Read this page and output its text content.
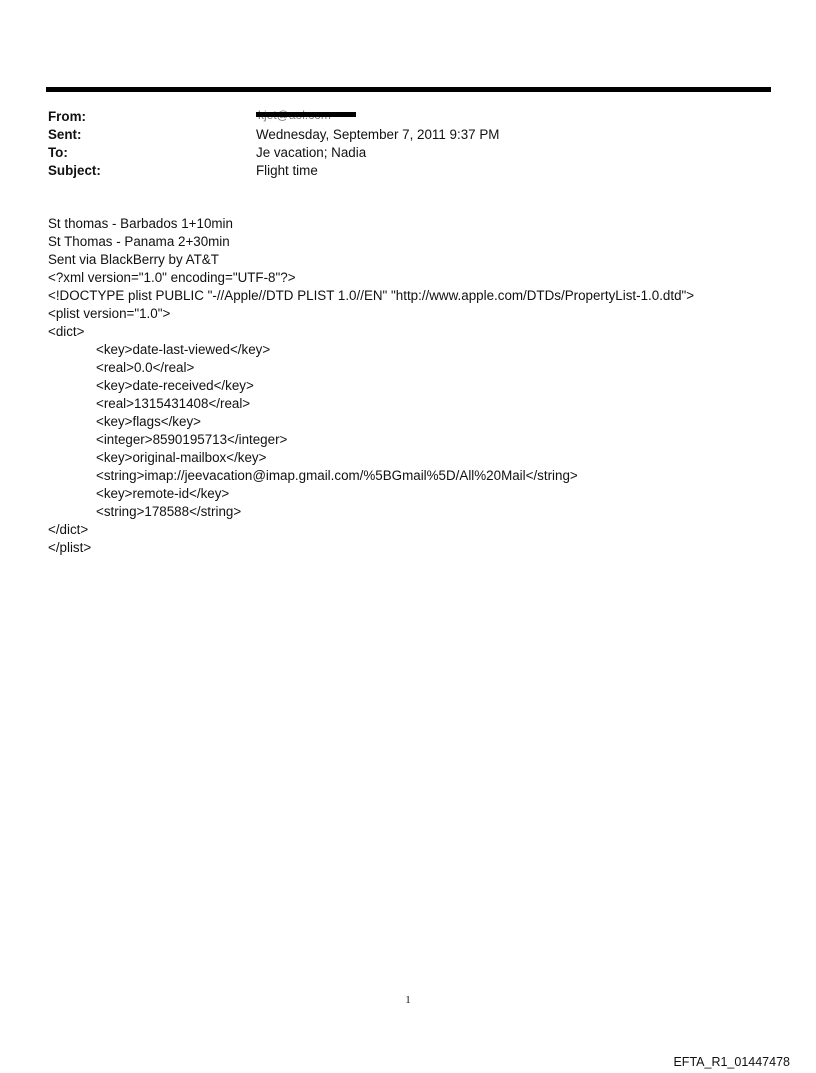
From:
Sent:	Wednesday, September 7, 2011 9:37 PM
To:	Je vacation; Nadia
Subject:	Flight time
St thomas - Barbados 1+10min
St Thomas - Panama 2+30min
Sent via BlackBerry by AT&T
<?xml version="1.0" encoding="UTF-8"?>
<!DOCTYPE plist PUBLIC "-//Apple//DTD PLIST 1.0//EN" "http://www.apple.com/DTDs/PropertyList-1.0.dtd">
<plist version="1.0">
<dict>
<key>date-last-viewed</key>
<real>0.0</real>
<key>date-received</key>
<real>1315431408</real>
<key>flags</key>
<integer>8590195713</integer>
<key>original-mailbox</key>
<string>imap://jeevacation@imap.gmail.com/%5BGmail%5D/All%20Mail</string>
<key>remote-id</key>
<string>178588</string>
</dict>
</plist>
1
EFTA_R1_01447478
